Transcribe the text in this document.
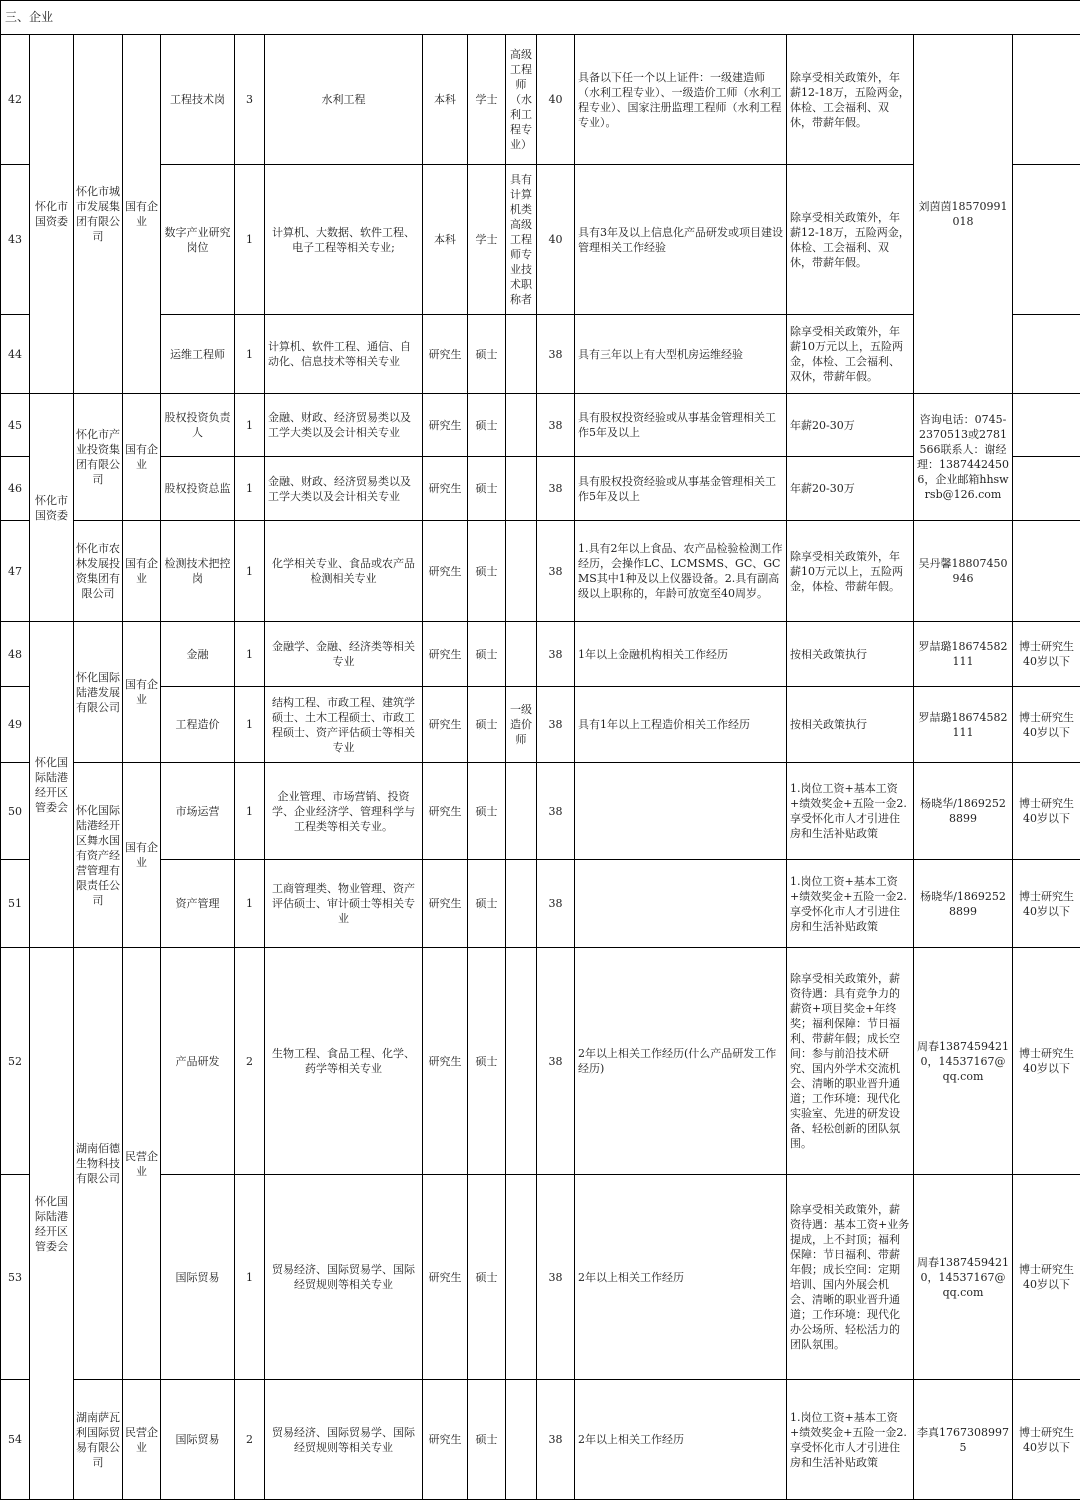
三、企业														
42	怀化市国资委	怀化市城市发展集团有限公司	国有企业	工程技术岗	3	水利工程	本科	学士	高级工程师（水利工程专业）	40	具备以下任一个以上证件：一级建造师（水利工程专业）、一级造价工师（水利工程专业）、国家注册监理工程师（水利工程专业）。	除享受相关政策外，年薪12-18万，五险两金，体检、工会福利、双休，带薪年假。	刘茵茵18570991018	
43				数字产业研究岗位	1	计算机、大数据、软件工程、电子工程等相关专业;	本科	学士	具有计算机类高级工程师专业技术职称者	40	具有3年及以上信息化产品研发或项目建设管理相关工作经验	除享受相关政策外，年薪12-18万，五险两金，体检、工会福利、双休，带薪年假。		
44				运维工程师	1	计算机、软件工程、通信、自动化、信息技术等相关专业	研究生	硕士		38	具有三年以上有大型机房运维经验	除享受相关政策外，年薪10万元以上，五险两金，体检、工会福利、双休，带薪年假。		
45	怀化市国资委	怀化市产业投资集团有限公司	国有企业	股权投资负责人	1	金融、财政、经济贸易类以及工学大类以及会计相关专业	研究生	硕士		38	具有股权投资经验或从事基金管理相关工作5年及以上	年薪20-30万	咨询电话：0745-2370513或2781566联系人：谢经理：13874424506，企业邮箱hhswrsb@126.com	
46				股权投资总监	1	金融、财政、经济贸易类以及工学大类以及会计相关专业	研究生	硕士		38	具有股权投资经验或从事基金管理相关工作5年及以上	年薪20-30万		
47		怀化市农林发展投资集团有限公司	国有企业	检测技术把控岗	1	化学相关专业、食品或农产品检测相关专业	研究生	硕士		38	1.具有2年以上食品、农产品检验检测工作经历，会操作LC、LCMSMS、GC、GCMS其中1种及以上仪器设备。2.具有副高级以上职称的，年龄可放宽至40周岁。	除享受相关政策外，年薪10万元以上，五险两金，体检、带薪年假。	吴丹馨18807450946	
48	怀化国际陆港经开区管委会	怀化国际陆港发展有限公司	国有企业	金融	1	金融学、金融、经济类等相关专业	研究生	硕士		38	1年以上金融机构相关工作经历	按相关政策执行	罗喆璐18674582111	博士研究生40岁以下
49				工程造价	1	结构工程、市政工程、建筑学硕士、土木工程硕士、市政工程硕士、资产评估硕士等相关专业	研究生	硕士	一级造价师	38	具有1年以上工程造价相关工作经历	按相关政策执行	罗喆璐18674582111	博士研究生40岁以下
50		怀化国际陆港经开区舞水国有资产经营管理有限责任公司	国有企业	市场运营	1	企业管理、市场营销、投资学、企业经济学、管理科学与工程类等相关专业。	研究生	硕士		38		1.岗位工资+基本工资+绩效奖金+五险一金2.享受怀化市人才引进住房和生活补贴政策	杨晓华/18692528899	博士研究生40岁以下
51				资产管理	1	工商管理类、物业管理、资产评估硕士、审计硕士等相关专业	研究生	硕士		38		1.岗位工资+基本工资+绩效奖金+五险一金2.享受怀化市人才引进住房和生活补贴政策	杨晓华/18692528899	博士研究生40岁以下
52	怀化国际陆港经开区管委会	湖南佰德生物科技有限公司	民营企业	产品研发	2	生物工程、食品工程、化学、药学等相关专业	研究生	硕士		38	2年以上相关工作经历(什么产品研发工作经历)	除享受相关政策外，薪资待遇：具有竞争力的薪资+项目奖金+年终奖；福利保障：节日福利、带薪年假；成长空间：参与前沿技术研究、国内外学术交流机会、清晰的职业晋升通道；工作环境：现代化实验室、先进的研发设备、轻松创新的团队氛围。	周春13874594210，14537167@qq.com	博士研究生40岁以下
53				国际贸易	1	贸易经济、国际贸易学、国际经贸规则等相关专业	研究生	硕士		38	2年以上相关工作经历	除享受相关政策外，薪资待遇：基本工资+业务提成，上不封顶；福利保障：节日福利、带薪年假；成长空间：定期培训、国内外展会机会、清晰的职业晋升通道；工作环境：现代化办公场所、轻松活力的团队氛围。	周春13874594210，14537167@qq.com	博士研究生40岁以下
54		湖南萨瓦利国际贸易有限公司	民营企业	国际贸易	2	贸易经济、国际贸易学、国际经贸规则等相关专业	研究生	硕士		38	2年以上相关工作经历	1.岗位工资+基本工资+绩效奖金+五险一金2.享受怀化市人才引进住房和生活补贴政策	李真17673089975	博士研究生40岁以下
